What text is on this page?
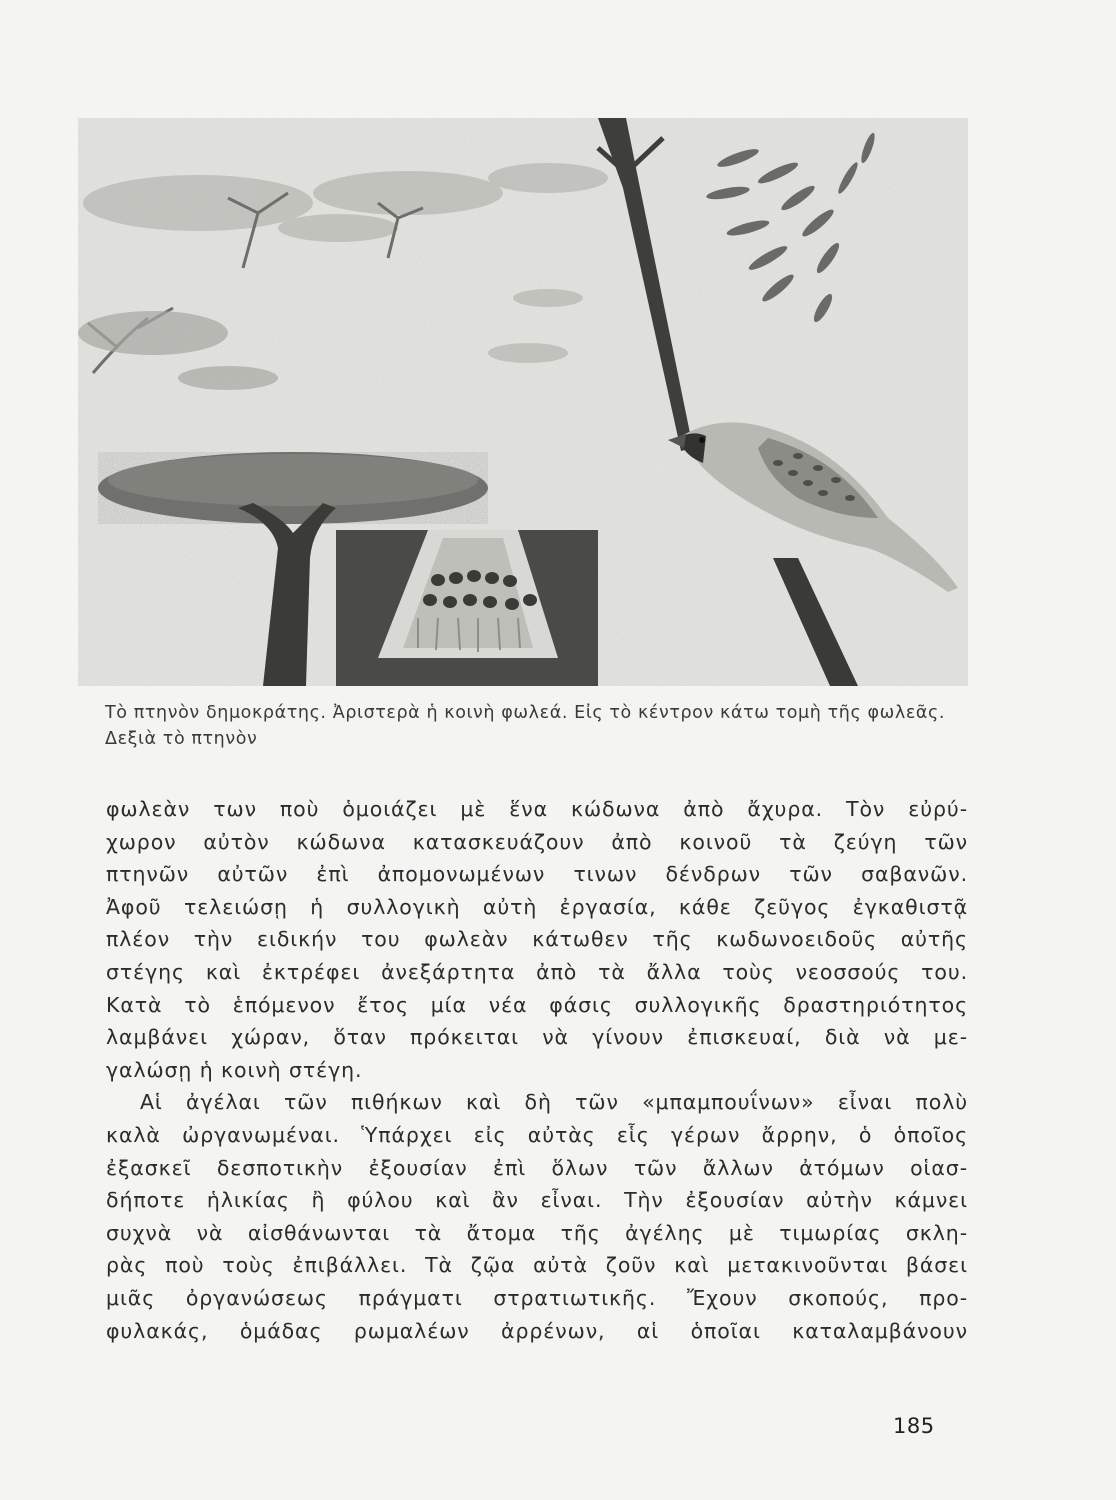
Τὸ πτηνὸν δημοκράτης. Ἀριστερὰ ἡ κοινὴ φωλεά. Εἰς τὸ κέντρον κάτω τομὴ τῆς φωλεᾶς. Δεξιὰ τὸ πτηνὸν

φωλεὰν των ποὺ ὁμοιάζει μὲ ἕνα κώδωνα ἀπὸ ἄχυρα. Τὸν εὐρύ-
χωρον αὐτὸν κώδωνα κατασκευάζουν ἀπὸ κοινοῦ τὰ ζεύγη τῶν
πτηνῶν αὐτῶν ἐπὶ ἀπομονωμένων τινων δένδρων τῶν σαβανῶν.
Ἀφοῦ τελειώσῃ ἡ συλλογικὴ αὐτὴ ἐργασία, κάθε ζεῦγος ἐγκαθιστᾷ
πλέον τὴν ειδικήν του φωλεὰν κάτωθεν τῆς κωδωνοειδοῦς αὐτῆς
στέγης καὶ ἐκτρέφει ἀνεξάρτητα ἀπὸ τὰ ἄλλα τοὺς νεοσσούς του.
Κατὰ τὸ ἑπόμενον ἔτος μία νέα φάσις συλλογικῆς δραστηριότητος
λαμβάνει χώραν, ὅταν πρόκειται νὰ γίνουν ἐπισκευαί, διὰ νὰ με-
γαλώσῃ ἡ κοινὴ στέγη.
Αἱ ἀγέλαι τῶν πιθήκων καὶ δὴ τῶν «μπαμπουΐνων» εἶναι πολὺ
καλὰ ὠργανωμέναι. Ὑπάρχει εἰς αὐτὰς εἷς γέρων ἄρρην, ὁ ὁποῖος
ἐξασκεῖ δεσποτικὴν ἐξουσίαν ἐπὶ ὅλων τῶν ἄλλων ἀτόμων οἱασ-
δήποτε ἡλικίας ἢ φύλου καὶ ἂν εἶναι. Τὴν ἐξουσίαν αὐτὴν κάμνει
συχνὰ νὰ αἰσθάνωνται τὰ ἄτομα τῆς ἀγέλης μὲ τιμωρίας σκλη-
ρὰς ποὺ τοὺς ἐπιβάλλει. Τὰ ζῷα αὐτὰ ζοῦν καὶ μετακινοῦνται βάσει
μιᾶς ὀργανώσεως πράγματι στρατιωτικῆς. Ἔχουν σκοπούς, προ-
φυλακάς, ὁμάδας ρωμαλέων ἀρρένων, αἱ ὁποῖαι καταλαμβάνουν
185
